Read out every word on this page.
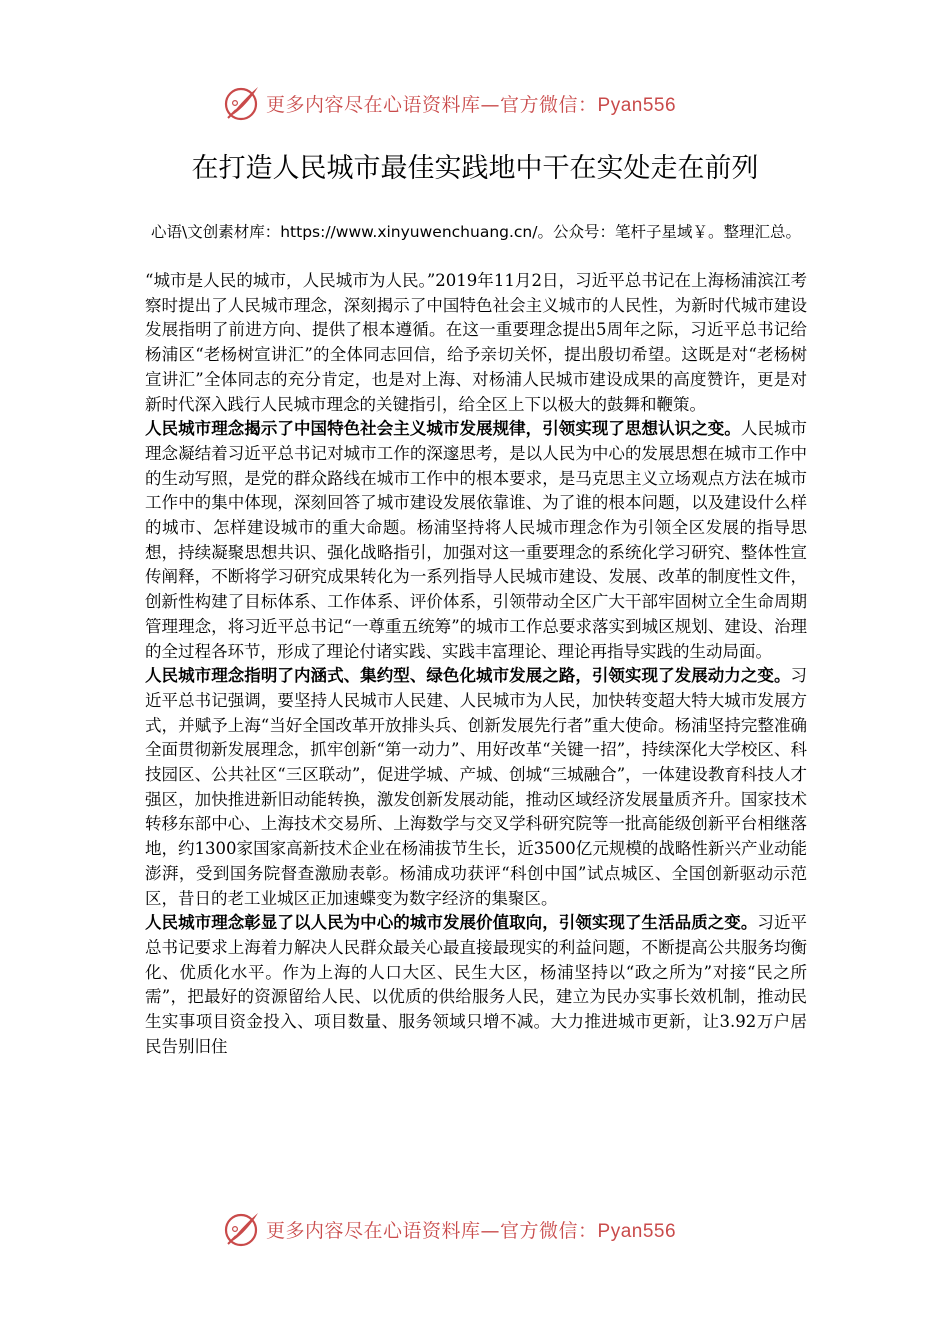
更多内容尽在心语资料库—官方微信：Pyan556
在打造人民城市最佳实践地中干在实处走在前列

心语\文创素材库：https://www.xinyuwenchuang.cn/。公众号：笔杆子星域￥。整理汇总。

“城市是人民的城市，人民城市为人民。”2019年11月2日，习近平总书记在上海杨浦滨江考察时提出了人民城市理念，深刻揭示了中国特色社会主义城市的人民性，为新时代城市建设发展指明了前进方向、提供了根本遵循。在这一重要理念提出5周年之际，习近平总书记给杨浦区“老杨树宣讲汇”的全体同志回信，给予亲切关怀，提出殷切希望。这既是对“老杨树宣讲汇”全体同志的充分肯定，也是对上海、对杨浦人民城市建设成果的高度赞许，更是对新时代深入践行人民城市理念的关键指引，给全区上下以极大的鼓舞和鞭策。

人民城市理念揭示了中国特色社会主义城市发展规律，引领实现了思想认识之变。人民城市理念凝结着习近平总书记对城市工作的深邃思考，是以人民为中心的发展思想在城市工作中的生动写照，是党的群众路线在城市工作中的根本要求，是马克思主义立场观点方法在城市工作中的集中体现，深刻回答了城市建设发展依靠谁、为了谁的根本问题，以及建设什么样的城市、怎样建设城市的重大命题。杨浦坚持将人民城市理念作为引领全区发展的指导思想，持续凝聚思想共识、强化战略指引，加强对这一重要理念的系统化学习研究、整体性宣传阐释，不断将学习研究成果转化为一系列指导人民城市建设、发展、改革的制度性文件，创新性构建了目标体系、工作体系、评价体系，引领带动全区广大干部牢固树立全生命周期管理理念，将习近平总书记“一尊重五统筹”的城市工作总要求落实到城区规划、建设、治理的全过程各环节，形成了理论付诸实践、实践丰富理论、理论再指导实践的生动局面。

人民城市理念指明了内涵式、集约型、绿色化城市发展之路，引领实现了发展动力之变。习近平总书记强调，要坚持人民城市人民建、人民城市为人民，加快转变超大特大城市发展方式，并赋予上海“当好全国改革开放排头兵、创新发展先行者”重大使命。杨浦坚持完整准确全面贯彻新发展理念，抓牢创新“第一动力”、用好改革“关键一招”，持续深化大学校区、科技园区、公共社区“三区联动”，促进学城、产城、创城“三城融合”，一体建设教育科技人才强区，加快推进新旧动能转换，激发创新发展动能，推动区域经济发展量质齐升。国家技术转移东部中心、上海技术交易所、上海数学与交叉学科研究院等一批高能级创新平台相继落地，约1300家国家高新技术企业在杨浦拔节生长，近3500亿元规模的战略性新兴产业动能澎湃，受到国务院督查激励表彰。杨浦成功获评“科创中国”试点城区、全国创新驱动示范区，昔日的老工业城区正加速蝶变为数字经济的集聚区。

人民城市理念彰显了以人民为中心的城市发展价值取向，引领实现了生活品质之变。习近平总书记要求上海着力解决人民群众最关心最直接最现实的利益问题，不断提高公共服务均衡化、优质化水平。作为上海的人口大区、民生大区，杨浦坚持以“政之所为”对接“民之所需”，把最好的资源留给人民、以优质的供给服务人民，建立为民办实事长效机制，推动民生实事项目资金投入、项目数量、服务领域只增不减。大力推进城市更新，让3.92万户居民告别旧住

更多内容尽在心语资料库—官方微信：Pyan556
